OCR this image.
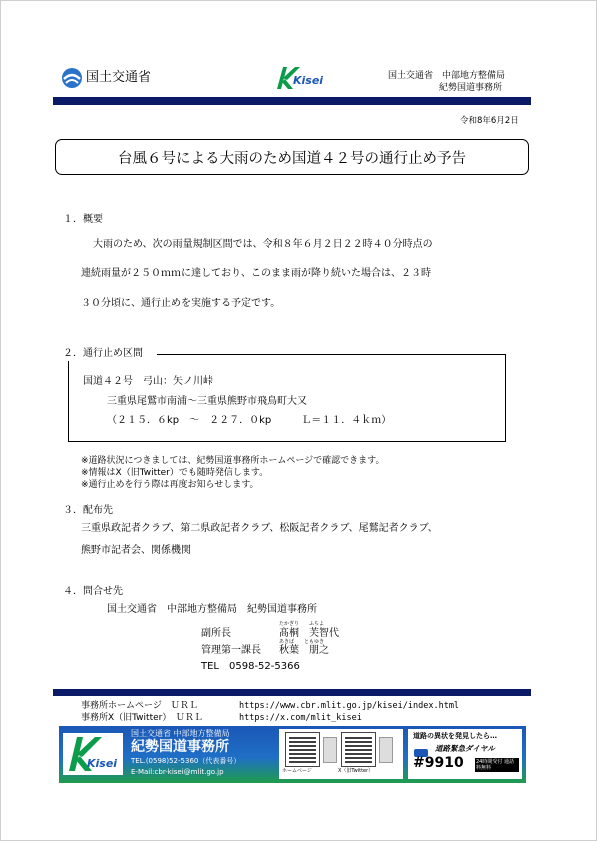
国土交通省	Kisei	国土交通省　中部地方整備局
紀勢国道事務所
令和8年6月2日
台風６号による大雨のため国道４２号の通行止め予告
１．概要
大雨のため、次の雨量規制区間では、令和８年６月２日２２時４０分時点の
連続雨量が２５０ｍｍに達しており、このまま雨が降り続いた場合は、２３時
３０分頃に、通行止めを実施する予定です。
２．通行止め区間
国道４２号　弓山：矢ノ川峠
三重県尾鷲市南浦～三重県熊野市飛鳥町大又
（２１５．６kp　～　２２７．０kp　　　Ｌ＝１１．４ｋｍ）
※道路状況につきましては、紀勢国道事務所ホームページで確認できます。
※情報はX（旧Twitter）でも随時発信します。
※通行止めを行う際は再度お知らせします。
３．配布先
三重県政記者クラブ、第二県政記者クラブ、松阪記者クラブ、尾鷲記者クラブ、
熊野市記者会、関係機関
４．問合せ先
国土交通省　中部地方整備局　紀勢国道事務所
たかぎり　　ふちよ
副所長	髙桐　芙智代
あきば　　ともゆき
管理第一課長 秋葉　朋之
TEL　0598-52-5366
事務所ホームページ　ＵＲＬ	https://www.cbr.mlit.go.jp/kisei/index.html
事務所X（旧Twitter）　ＵＲＬ	https://x.com/mlit_kisei
Kisei
国土交通省 中部地方整備局
紀勢国道事務所
TEL.(0598)52-5360（代表番号）
E-Mail:cbr-kisei@mlit.go.jp	ホームページ	X（旧Twitter）
道路の異状を発見したら…
道路緊急ダイヤル
#9910 24時間受付 通話料無料
